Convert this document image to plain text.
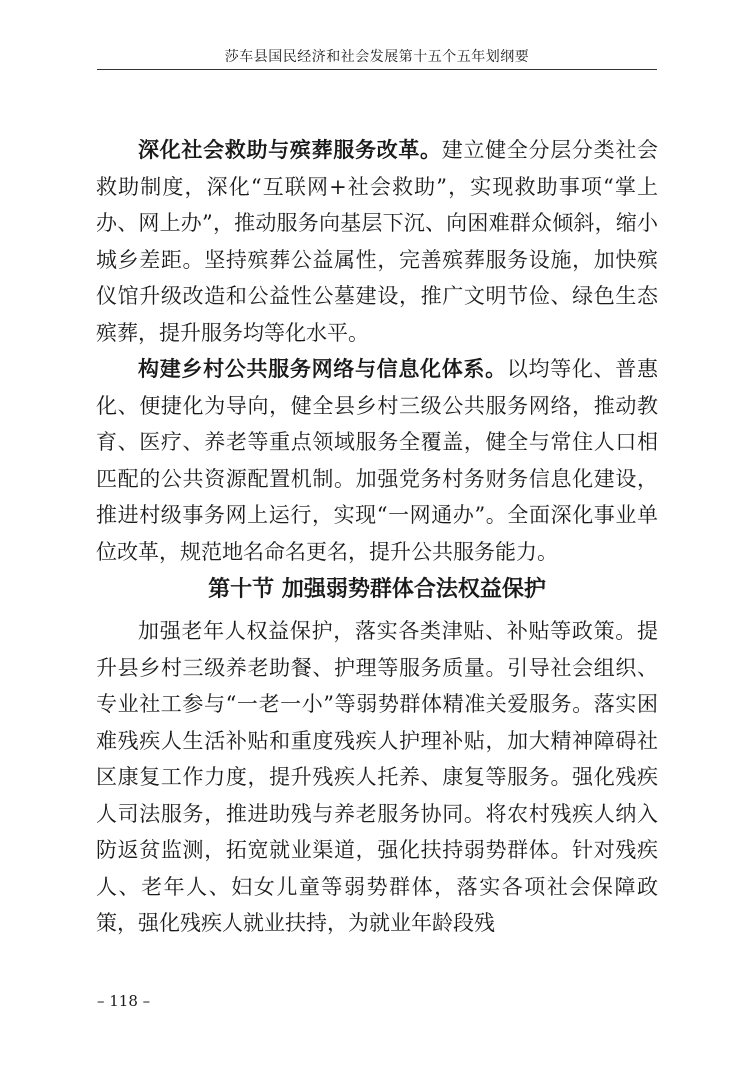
莎车县国民经济和社会发展第十五个五年划纲要

深化社会救助与殡葬服务改革。建立健全分层分类社会救助制度，深化“互联网+社会救助”，实现救助事项“掌上办、网上办”，推动服务向基层下沉、向困难群众倾斜，缩小城乡差距。坚持殡葬公益属性，完善殡葬服务设施，加快殡仪馆升级改造和公益性公墓建设，推广文明节俭、绿色生态殡葬，提升服务均等化水平。

构建乡村公共服务网络与信息化体系。以均等化、普惠化、便捷化为导向，健全县乡村三级公共服务网络，推动教育、医疗、养老等重点领域服务全覆盖，健全与常住人口相匹配的公共资源配置机制。加强党务村务财务信息化建设，推进村级事务网上运行，实现“一网通办”。全面深化事业单位改革，规范地名命名更名，提升公共服务能力。

第十节 加强弱势群体合法权益保护

加强老年人权益保护，落实各类津贴、补贴等政策。提升县乡村三级养老助餐、护理等服务质量。引导社会组织、专业社工参与“一老一小”等弱势群体精准关爱服务。落实困难残疾人生活补贴和重度残疾人护理补贴，加大精神障碍社区康复工作力度，提升残疾人托养、康复等服务。强化残疾人司法服务，推进助残与养老服务协同。将农村残疾人纳入防返贫监测，拓宽就业渠道，强化扶持弱势群体。针对残疾人、老年人、妇女儿童等弱势群体，落实各项社会保障政策，强化残疾人就业扶持，为就业年龄段残

– 118 –
